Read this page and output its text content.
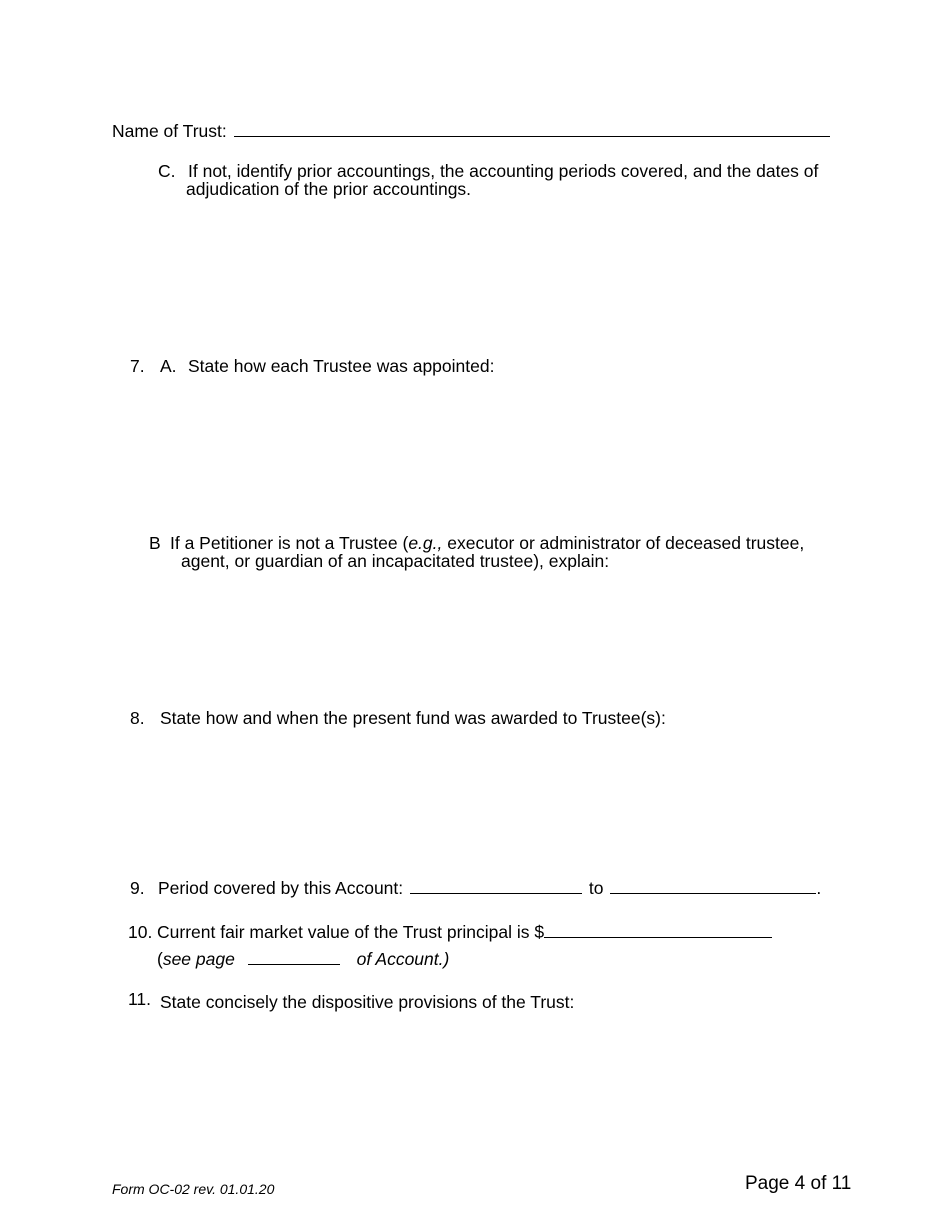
Name of Trust:
C. If not, identify prior accountings, the accounting periods covered, and the dates of
adjudication of the prior accountings.
7. A. State how each Trustee was appointed:
B If a Petitioner is not a Trustee (e.g., executor or administrator of deceased trustee,
agent, or guardian of an incapacitated trustee), explain:
8. State how and when the present fund was awarded to Trustee(s):
9. Period covered by this Account:	to	.
10. Current fair market value of the Trust principal is $
(see page	of Account.)
11. State concisely the dispositive provisions of the Trust:
Form OC-02 rev. 01.01.20	Page 4 of 11
